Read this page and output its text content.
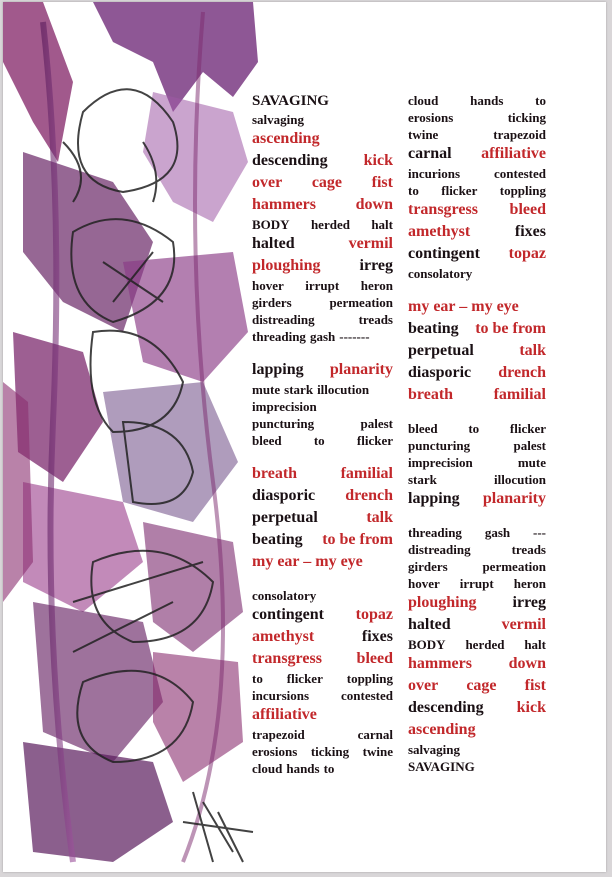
SAVAGING
salvaging
ascending
descending kick
over cage fist
hammers down
BODY herded halt
halted	vermil
ploughing irreg
hover irrupt heron
girders	permeation
distreading	treads
threading gash -------
lapping planarity
mute stark illocution
imprecision
puncturing	palest
bleed to flicker
breath	familial
diasporic drench
perpetual	talk
beating to be from
my ear – my eye
consolatory
contingent topaz
amethyst	fixes
transgress bleed
to flicker toppling
incursions contested
affiliative
trapezoid	carnal
erosions ticking twine
cloud hands to
cloud hands to
erosions	ticking
twine	trapezoid
carnal affiliative
incurions	contested
to flicker toppling
transgress bleed
amethyst	fixes
contingent topaz
consolatory
my ear – my eye
beating to be from
perpetual	talk
diasporic drench
breath	familial
bleed to flicker
puncturing	palest
imprecision	mute
stark	illocution
lapping planarity
threading gash ---
distreading	treads
girders	permeation
hover irrupt heron
ploughing irreg
halted	vermil
BODY herded halt
hammers down
over cage fist
descending kick
ascending
salvaging
SAVAGING
